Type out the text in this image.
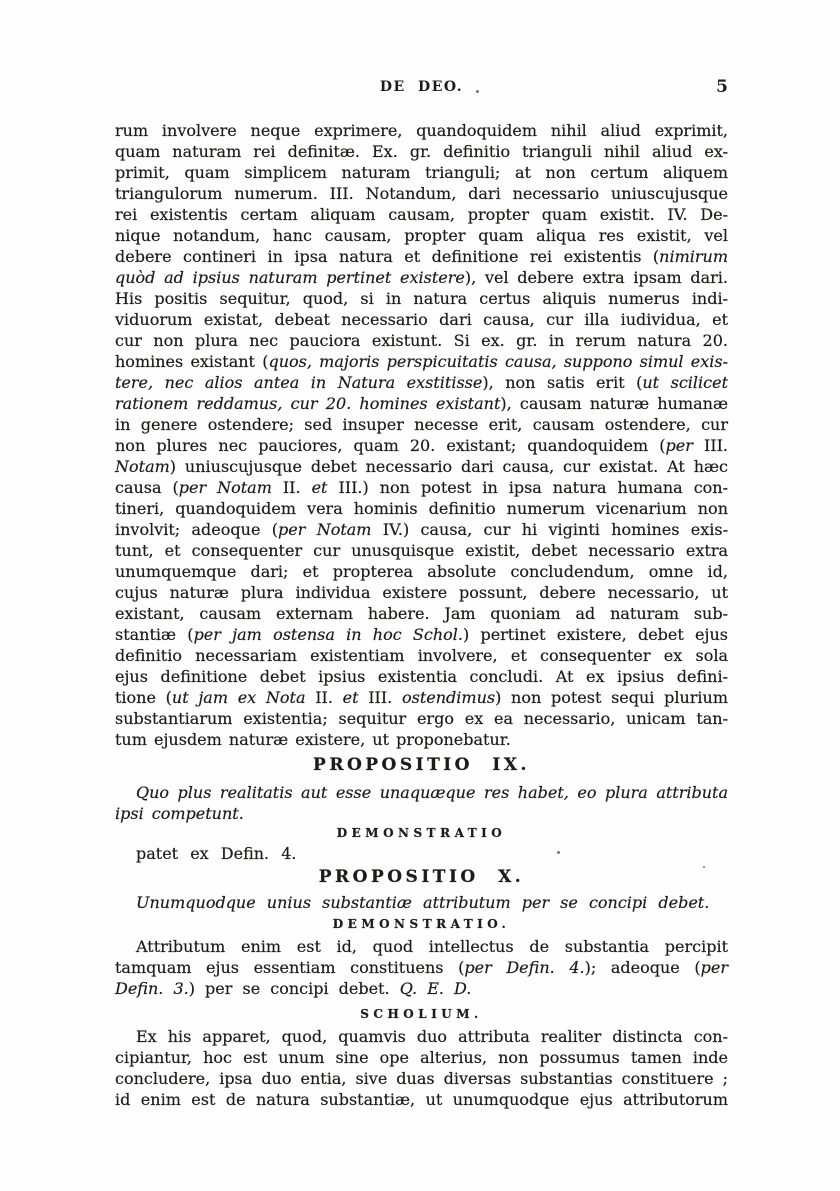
DE DEO.	5
rum involvere neque exprimere, quandoquidem nihil aliud exprimit,
quam naturam rei definitæ. Ex. gr. definitio trianguli nihil aliud ex-
primit, quam simplicem naturam trianguli; at non certum aliquem
triangulorum numerum. III. Notandum, dari necessario uniuscujusque
rei existentis certam aliquam causam, propter quam existit. IV. De-
nique notandum, hanc causam, propter quam aliqua res existit, vel
debere contineri in ipsa natura et definitione rei existentis (nimirum
quòd ad ipsius naturam pertinet existere), vel debere extra ipsam dari.
His positis sequitur, quod, si in natura certus aliquis numerus indi-
viduorum existat, debeat necessario dari causa, cur illa iudividua, et
cur non plura nec pauciora existunt. Si ex. gr. in rerum natura 20.
homines existant (quos, majoris perspicuitatis causa, suppono simul exis-
tere, nec alios antea in Natura exstitisse), non satis erit (ut scilicet
rationem reddamus, cur 20. homines existant), causam naturæ humanæ
in genere ostendere; sed insuper necesse erit, causam ostendere, cur
non plures nec pauciores, quam 20. existant; quandoquidem (per III.
Notam) uniuscujusque debet necessario dari causa, cur existat. At hæc
causa (per Notam II. et III.) non potest in ipsa natura humana con-
tineri, quandoquidem vera hominis definitio numerum vicenarium non
involvit; adeoque (per Notam IV.) causa, cur hi viginti homines exis-
tunt, et consequenter cur unusquisque existit, debet necessario extra
unumquemque dari; et propterea absolute concludendum, omne id,
cujus naturæ plura individua existere possunt, debere necessario, ut
existant, causam externam habere. Jam quoniam ad naturam sub-
stantiæ (per jam ostensa in hoc Schol.) pertinet existere, debet ejus
definitio necessariam existentiam involvere, et consequenter ex sola
ejus definitione debet ipsius existentia concludi. At ex ipsius defini-
tione (ut jam ex Nota II. et III. ostendimus) non potest sequi plurium
substantiarum existentia; sequitur ergo ex ea necessario, unicam tan-
tum ejusdem naturæ existere, ut proponebatur.
PROPOSITIO IX.
Quo plus realitatis aut esse unaquæque res habet, eo plura attributa
ipsi competunt.
DEMONSTRATIO
patet ex Defin. 4.
PROPOSITIO X.
Unumquodque unius substantiæ attributum per se concipi debet.
DEMONSTRATIO.
Attributum enim est id, quod intellectus de substantia percipit
tamquam ejus essentiam constituens (per Defin. 4.); adeoque (per
Defin. 3.) per se concipi debet. Q. E. D.
SCHOLIUM.
Ex his apparet, quod, quamvis duo attributa realiter distincta con-
cipiantur, hoc est unum sine ope alterius, non possumus tamen inde
concludere, ipsa duo entia, sive duas diversas substantias constituere ;
id enim est de natura substantiæ, ut unumquodque ejus attributorum
